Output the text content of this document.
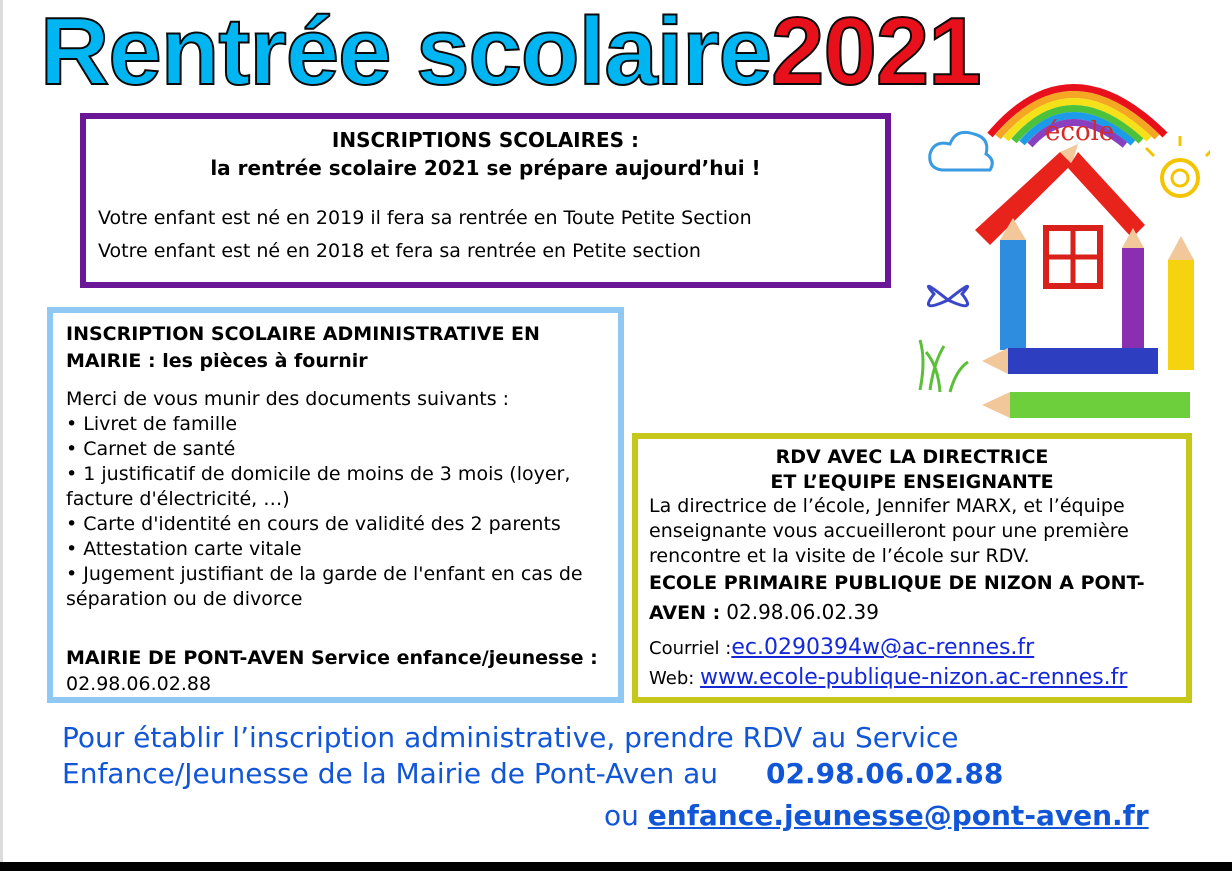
Rentrée scolaire2021
INSCRIPTIONS SCOLAIRES :
la rentrée scolaire 2021 se prépare aujourd’hui !
Votre enfant est né en 2019 il fera sa rentrée en Toute Petite Section
Votre enfant est né en 2018 et fera sa rentrée en Petite section
INSCRIPTION SCOLAIRE ADMINISTRATIVE EN MAIRIE : les pièces à fournir
Merci de vous munir des documents suivants :
• Livret de famille
• Carnet de santé
• 1 justificatif de domicile de moins de 3 mois (loyer, facture d'électricité, …)
• Carte d'identité en cours de validité des 2 parents
• Attestation carte vitale
• Jugement justifiant de la garde de l'enfant en cas de séparation ou de divorce
MAIRIE DE PONT-AVEN Service enfance/jeunesse : 02.98.06.02.88
RDV AVEC LA DIRECTRICE
ET L’EQUIPE ENSEIGNANTE
La directrice de l’école, Jennifer MARX, et l’équipe enseignante vous accueilleront pour une première rencontre et la visite de l’école sur RDV.
ECOLE PRIMAIRE PUBLIQUE DE NIZON A PONT-AVEN : 02.98.06.02.39
Courriel :ec.0290394w@ac-rennes.fr
Web: www.ecole-publique-nizon.ac-rennes.fr
école
Pour établir l’inscription administrative, prendre RDV au Service
Enfance/Jeunesse de la Mairie de Pont-Aven au 02.98.06.02.88
ou enfance.jeunesse@pont-aven.fr
